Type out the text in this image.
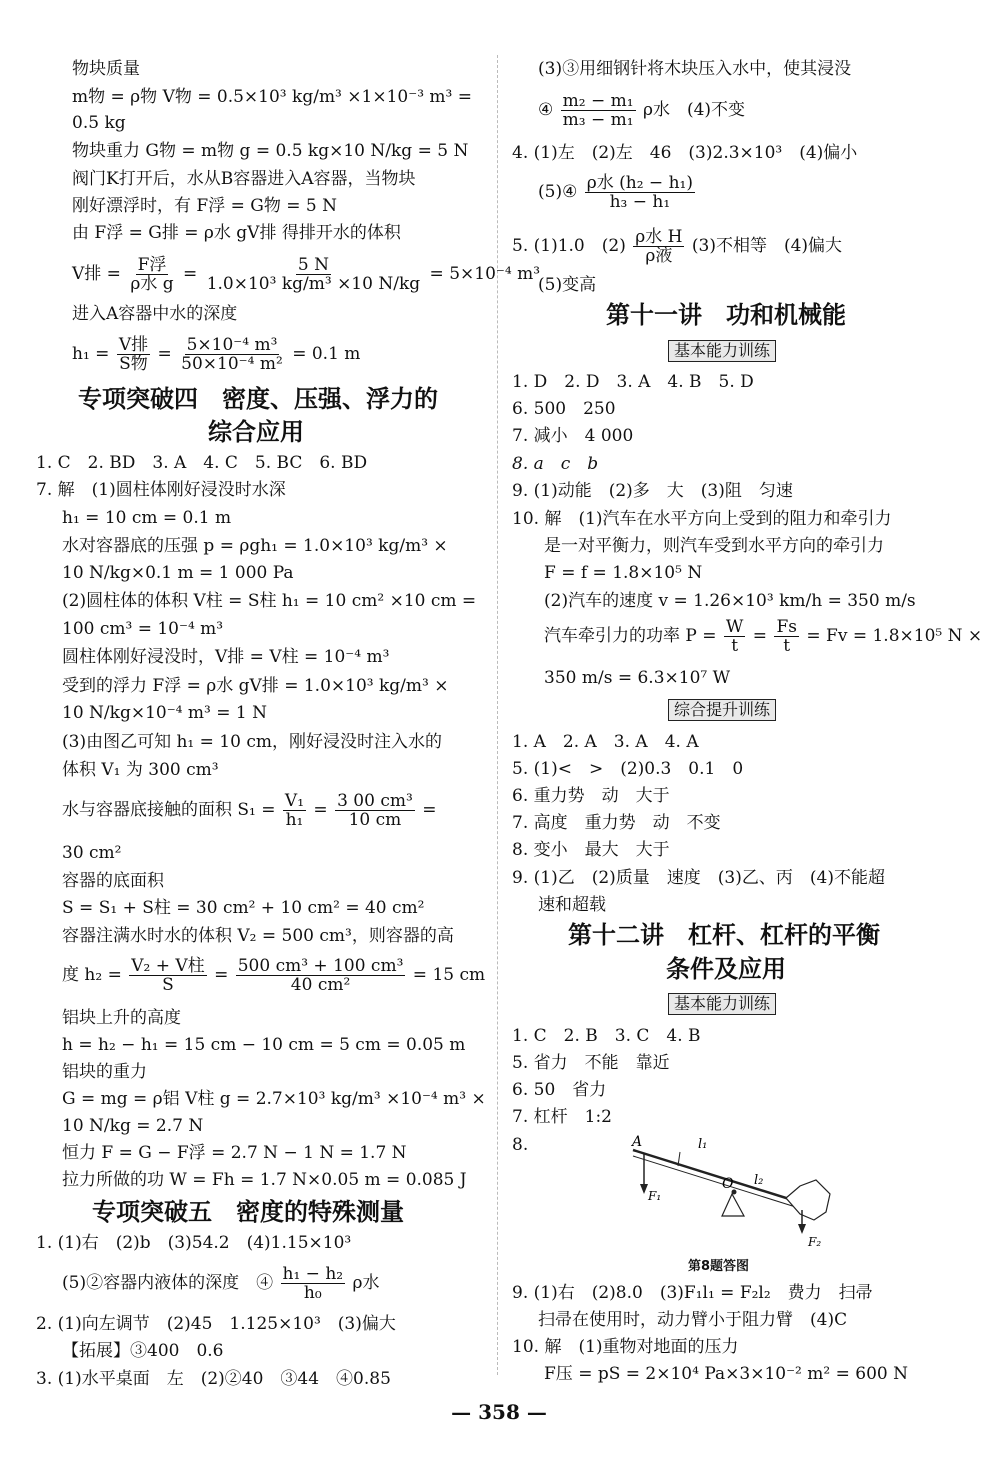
物块质量
m物 = ρ物 V物 = 0.5×10³ kg/m³ ×1×10⁻³ m³ =
0.5 kg
物块重力 G物 = m物 g = 0.5 kg×10 N/kg = 5 N
阀门K打开后，水从B容器进入A容器，当物块
刚好漂浮时，有 F浮 = G物 = 5 N
由 F浮 = G排 = ρ水 gV排 得排开水的体积
V排 = $\frac{\text{F浮}}{\text{ρ水 g}} = \frac{5 N}{\text{1.0×10³ kg/m³ ×10 N/kg}} = 5\times 10^{-4}$ m³
进入A容器中水的深度
$h_1 = \frac{\text{V排}}{\text{S物}} = \frac{\text{5×10⁻⁴ m³}}{\text{50×10⁻⁴ m²}} = 0.1$ m
专项突破四　密度、压强、浮力的
综合应用
1. C　2. BD　3. A　4. C　5. BC　6. BD
7. 解　(1)圆柱体刚好浸没时水深
h₁ = 10 cm = 0.1 m
水对容器底的压强 p = ρgh₁ = 1.0×10³ kg/m³ ×
10 N/kg×0.1 m = 1 000 Pa
(2)圆柱体的体积 V柱 = S柱 h₁ = 10 cm² ×10 cm =
100 cm³ = 10⁻⁴ m³
圆柱体刚好浸没时，V排 = V柱 = 10⁻⁴ m³
受到的浮力 F浮 = ρ水 gV排 = 1.0×10³ kg/m³ ×
10 N/kg×10⁻⁴ m³ = 1 N
(3)由图乙可知 h₁ = 10 cm，刚好浸没时注入水的
体积 V₁ 为 300 cm³
水与容器底接触的面积 $S_1 = \frac{\text{V₁}}{\text{h₁}} = \frac{\text{3 00 cm³}}{10 cm}$ =
30 cm²
容器的底面积
S = S₁ + S柱 = 30 cm² + 10 cm² = 40 cm²
容器注满水时水的体积 V₂ = 500 cm³，则容器的高
度 $h_2 = \frac{\text{V₂ + V柱}}{S} = \frac{\text{500 cm³ + 100 cm³}}{\text{40 cm²}} = 15$ cm
铝块上升的高度
h = h₂ − h₁ = 15 cm − 10 cm = 5 cm = 0.05 m
铝块的重力
G = mg = ρ铝 V柱 g = 2.7×10³ kg/m³ ×10⁻⁴ m³ ×
10 N/kg = 2.7 N
恒力 F = G − F浮 = 2.7 N − 1 N = 1.7 N
拉力所做的功 W = Fh = 1.7 N×0.05 m = 0.085 J
专项突破五　密度的特殊测量
1. (1)右　(2)b　(3)54.2　(4)1.15×10³
(5)②容器内液体的深度　④ $\frac{\text{h₁ − h₂}}{\text{h₀}}$ ρ水
2. (1)向左调节　(2)45　1.125×10³　(3)偏大
【拓展】③400　0.6
3. (1)水平桌面　左　(2)②40　③44　④0.85
(3)③用细钢针将木块压入水中，使其浸没
④ $\frac{\text{m₂ − m₁}}{\text{m₃ − m₁}}$ ρ水　(4)不变
4. (1)左　(2)左　46　(3)2.3×10³　(4)偏小
(5)④ $\frac{\text{ρ水 (h₂ − h₁)}}{\text{h₃ − h₁}}$
5. (1)1.0　$(2) \frac{\text{ρ水 H}}{\text{ρ液}} (3)$不相等　(4)偏大
(5)变高
第十一讲　功和机械能
基本能力训练
1. D　2. D　3. A　4. B　5. D
6. 500　250
7. 减小　4 000
8. a　c　b
9. (1)动能　(2)多　大　(3)阻　匀速
10. 解　(1)汽车在水平方向上受到的阻力和牵引力
是一对平衡力，则汽车受到水平方向的牵引力
F = f = 1.8×10⁵ N
(2)汽车的速度 v = 1.26×10³ km/h = 350 m/s
汽车牵引力的功率 $P = \frac{W}{t} = \frac{Fs}{t} = Fv = 1.8\times 10^5$ N ×
350 m/s = 6.3×10⁷ W
综合提升训练
1. A　2. A　3. A　4. A
5. (1)<　>　(2)0.3　0.1　0
6. 重力势　动　大于
7. 高度　重力势　动　不变
8. 变小　最大　大于
9. (1)乙　(2)质量　速度　(3)乙、丙　(4)不能超
速和超载
第十二讲　杠杆、杠杆的平衡
条件及应用
基本能力训练
1. C　2. B　3. C　4. B
5. 省力　不能　靠近
6. 50　省力
7. 杠杆　1:2
8.	A	l₁
O l₂
F₁
F₂
第8题答图
9. (1)右　(2)8.0　(3)F₁l₁ = F₂l₂　费力　扫帚
扫帚在使用时，动力臂小于阻力臂　(4)C
10. 解　(1)重物对地面的压力
F压 = pS = 2×10⁴ Pa×3×10⁻² m² = 600 N
— 358 —
